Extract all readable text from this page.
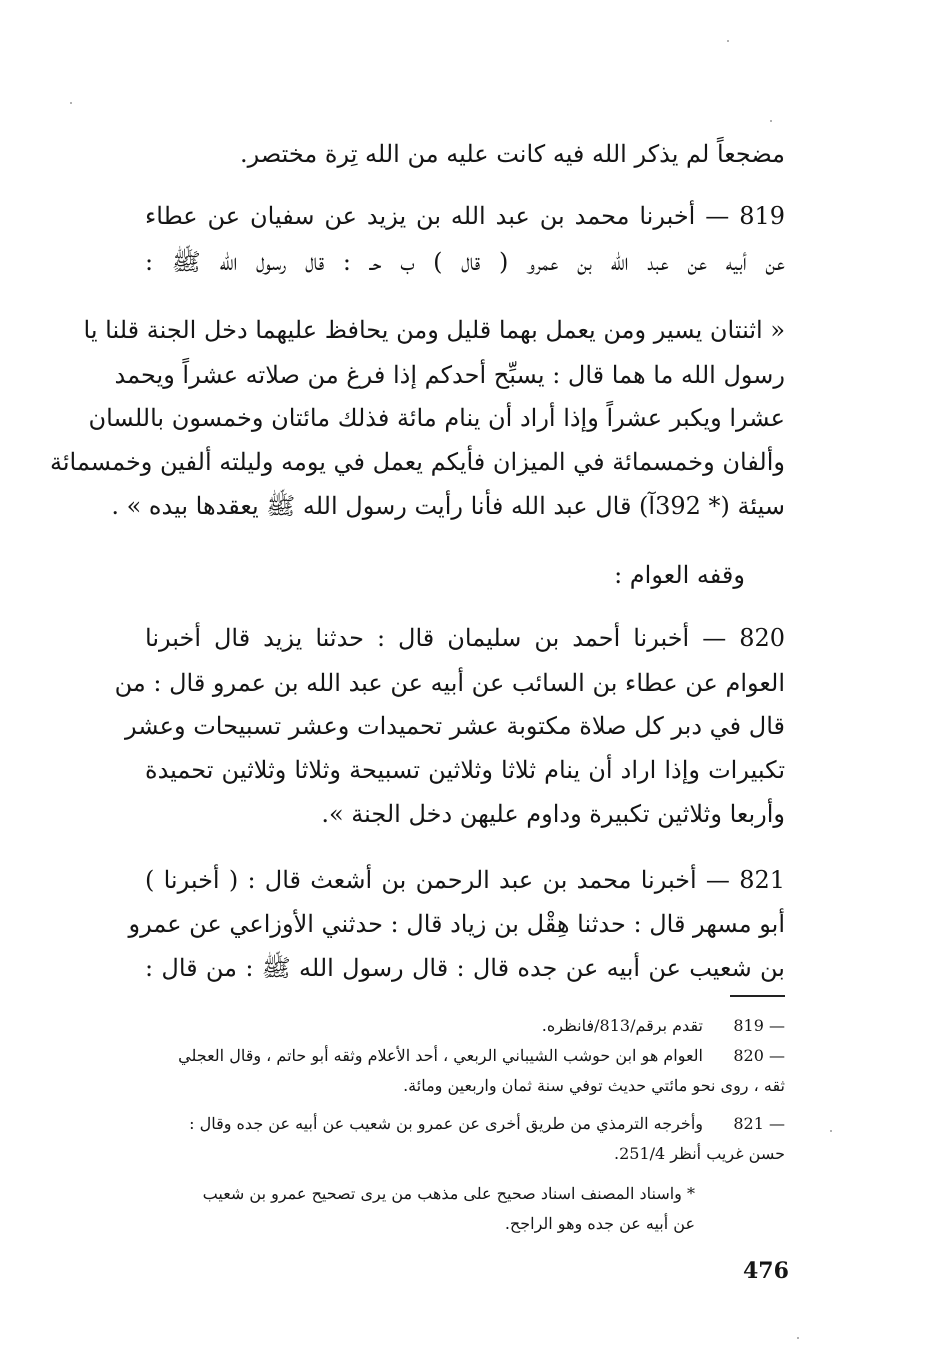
مضجعاً لم يذكر الله فيه كانت عليه من الله تِرة مختصر.
819 — أخبرنا محمد بن عبد الله بن يزيد عن سفيان عن عطاء
عن أبيه عن عبد الله بن عمرو ( قال ) ب حـ : قال رسول الله ﷺ :
« اثنتان يسير ومن يعمل بهما قليل ومن يحافظ عليهما دخل الجنة قلنا يا
رسول الله ما هما قال : يسبِّح أحدكم إذا فرغ من صلاته عشراً ويحمد
عشرا ويكبر عشراً وإذا أراد أن ينام مائة فذلك مائتان وخمسون باللسان
وألفان وخمسمائة في الميزان فأيكم يعمل في يومه وليلته ألفين وخمسمائة
سيئة (* 392آ) قال عبد الله فأنا رأيت رسول الله ﷺ يعقدها بيده » .
وقفه العوام :
820 — أخبرنا أحمد بن سليمان قال : حدثنا يزيد قال أخبرنا
العوام عن عطاء بن السائب عن أبيه عن عبد الله بن عمرو قال : من
قال في دبر كل صلاة مكتوبة عشر تحميدات وعشر تسبيحات وعشر
تكبيرات وإذا اراد أن ينام ثلاثا وثلاثين تسبيحة وثلاثا وثلاثين تحميدة
وأربعا وثلاثين تكبيرة وداوم عليهن دخل الجنة ».
821 — أخبرنا محمد بن عبد الرحمن بن أشعث قال : ( أخبرنا )
أبو مسهر قال : حدثنا هِقْل بن زياد قال : حدثني الأوزاعي عن عمرو
بن شعيب عن أبيه عن جده قال : قال رسول الله ﷺ : من قال :
819 —
تقدم برقم/813/فانظره.
820 —
العوام هو ابن حوشب الشيباني الربعي ، أحد الأعلام وثقه أبو حاتم ، وقال العجلي
ثقه ، روى نحو مائتي حديث توفي سنة ثمان واربعين ومائة.
821 —
وأخرجه الترمذي من طريق أخرى عن عمرو بن شعيب عن أبيه عن جده وقال :
حسن غريب أنظر 251/4.
* واسناد المصنف اسناد صحيح على مذهب من يرى تصحيح عمرو بن شعيب
عن أبيه عن جده وهو الراجح.
476
